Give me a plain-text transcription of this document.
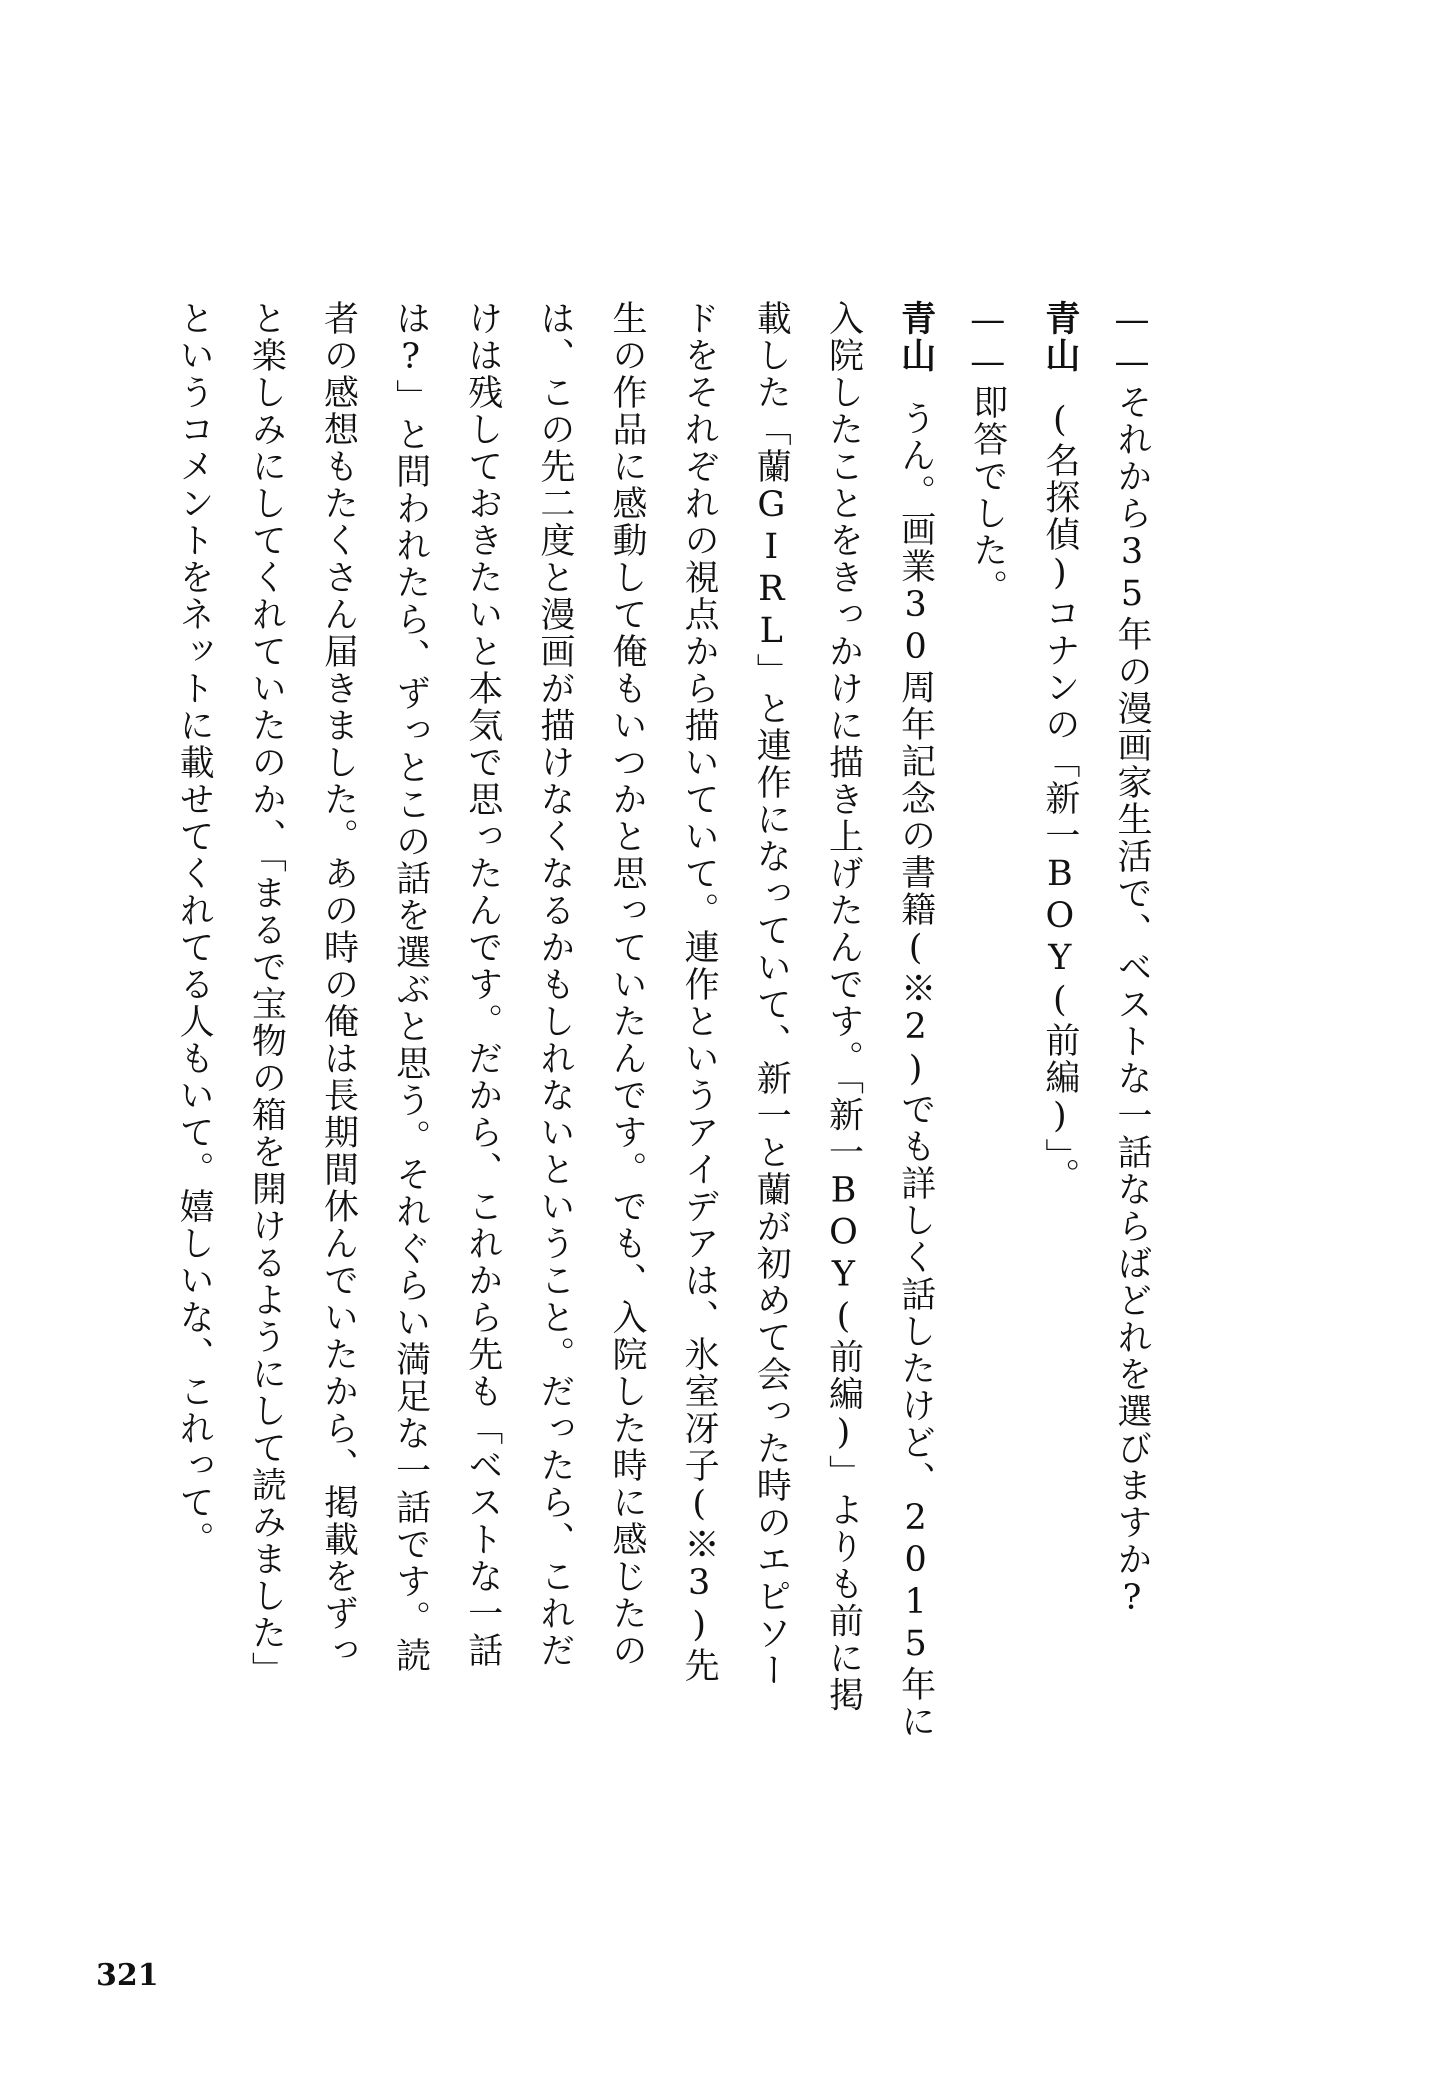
——それから35年の漫画家生活で、ベストな一話ならばどれを選びますか?
青山(名探偵)コナンの「新一BOY(前編)」。
——即答でした。
青山うん。画業30周年記念の書籍(※2)でも詳しく話したけど、2015年に
入院したことをきっかけに描き上げたんです。「新一BOY(前編)」よりも前に掲
載した「蘭GIRL」と連作になっていて、新一と蘭が初めて会った時のエピソー
ドをそれぞれの視点から描いていて。連作というアイデアは、氷室冴子(※3)先
生の作品に感動して俺もいつかと思っていたんです。でも、入院した時に感じたの
は、この先二度と漫画が描けなくなるかもしれないということ。だったら、これだ
けは残しておきたいと本気で思ったんです。だから、これから先も「ベストな一話
は?」と問われたら、ずっとこの話を選ぶと思う。それぐらい満足な一話です。読
者の感想もたくさん届きました。あの時の俺は長期間休んでいたから、掲載をずっ
と楽しみにしてくれていたのか、「まるで宝物の箱を開けるようにして読みました」
というコメントをネットに載せてくれてる人もいて。嬉しいな、これって。
321
